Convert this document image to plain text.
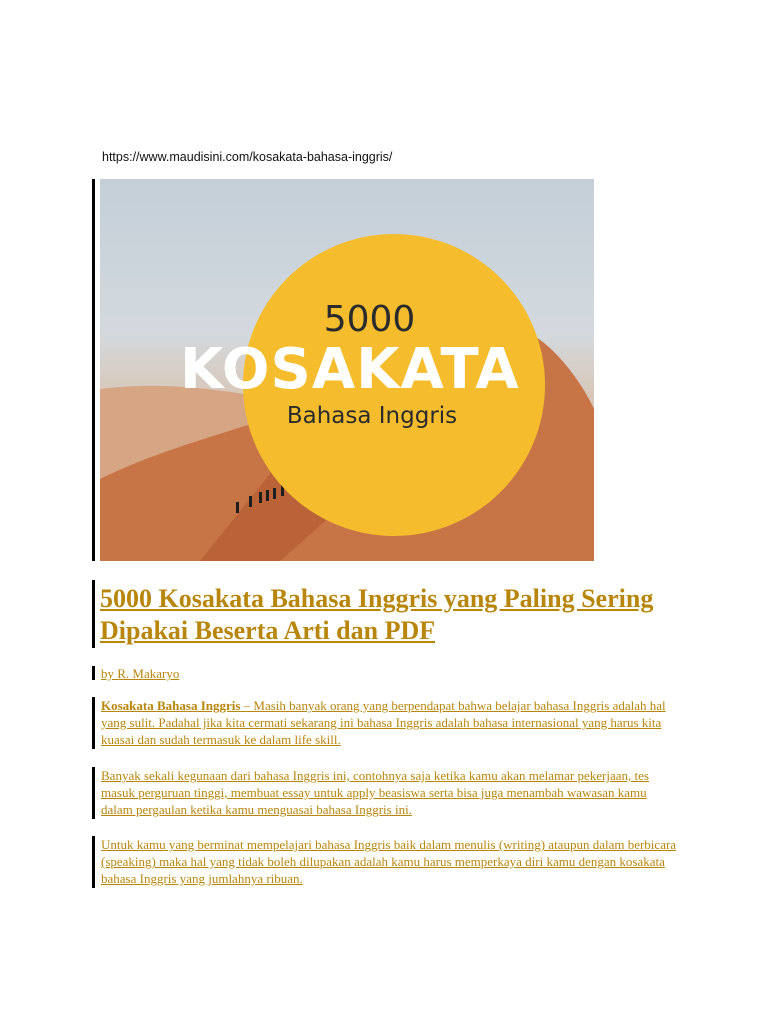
https://www.maudisini.com/kosakata-bahasa-inggris/
5000
KOSAKATA
Bahasa Inggris
5000 Kosakata Bahasa Inggris yang Paling Sering Dipakai Beserta Arti dan PDF
by R. Makaryo
Kosakata Bahasa Inggris – Masih banyak orang yang berpendapat bahwa belajar bahasa Inggris adalah hal yang sulit. Padahal jika kita cermati sekarang ini bahasa Inggris adalah bahasa internasional yang harus kita kuasai dan sudah termasuk ke dalam life skill.
Banyak sekali kegunaan dari bahasa Inggris ini, contohnya saja ketika kamu akan melamar pekerjaan, tes masuk perguruan tinggi, membuat essay untuk apply beasiswa serta bisa juga menambah wawasan kamu dalam pergaulan ketika kamu menguasai bahasa Inggris ini.
Untuk kamu yang berminat mempelajari bahasa Inggris baik dalam menulis (writing) ataupun dalam berbicara (speaking) maka hal yang tidak boleh dilupakan adalah kamu harus memperkaya diri kamu dengan kosakata bahasa Inggris yang jumlahnya ribuan.
